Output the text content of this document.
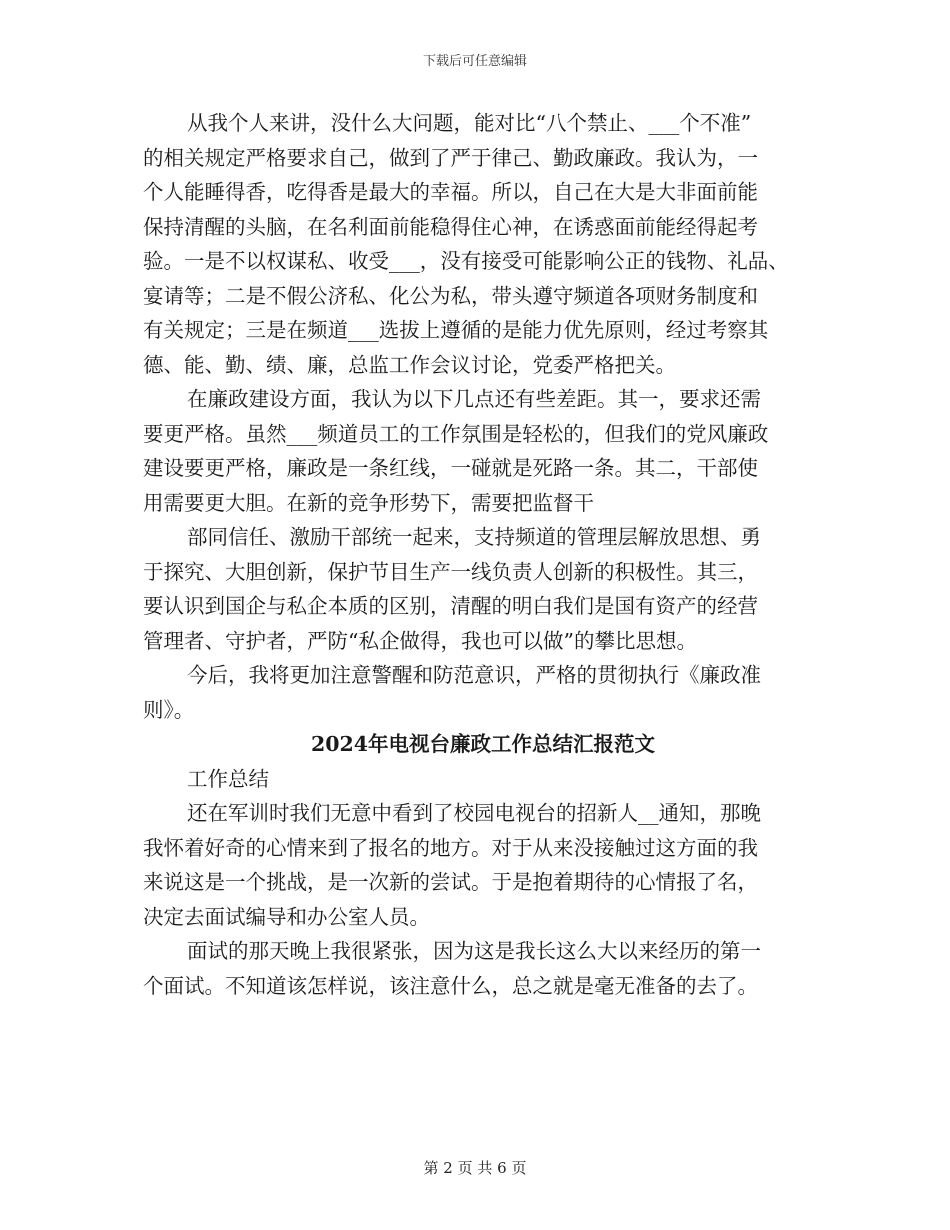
下载后可任意编辑

从我个人来讲，没什么大问题，能对比“八个禁止、___个不准”

的相关规定严格要求自己，做到了严于律己、勤政廉政。我认为，一

个人能睡得香，吃得香是最大的幸福。所以，自己在大是大非面前能

保持清醒的头脑，在名利面前能稳得住心神，在诱惑面前能经得起考

验。一是不以权谋私、收受___，没有接受可能影响公正的钱物、礼品、

宴请等；二是不假公济私、化公为私，带头遵守频道各项财务制度和

有关规定；三是在频道___选拔上遵循的是能力优先原则，经过考察其

德、能、勤、绩、廉，总监工作会议讨论，党委严格把关。

在廉政建设方面，我认为以下几点还有些差距。其一，要求还需

要更严格。虽然___频道员工的工作氛围是轻松的，但我们的党风廉政

建设要更严格，廉政是一条红线，一碰就是死路一条。其二，干部使

用需要更大胆。在新的竞争形势下，需要把监督干

部同信任、激励干部统一起来，支持频道的管理层解放思想、勇

于探究、大胆创新，保护节目生产一线负责人创新的积极性。其三，

要认识到国企与私企本质的区别，清醒的明白我们是国有资产的经营

管理者、守护者，严防“私企做得，我也可以做”的攀比思想。

今后，我将更加注意警醒和防范意识，严格的贯彻执行《廉政准

则》。

2024年电视台廉政工作总结汇报范文

工作总结

还在军训时我们无意中看到了校园电视台的招新人__通知，那晚

我怀着好奇的心情来到了报名的地方。对于从来没接触过这方面的我

来说这是一个挑战，是一次新的尝试。于是抱着期待的心情报了名，

决定去面试编导和办公室人员。

面试的那天晚上我很紧张，因为这是我长这么大以来经历的第一

个面试。不知道该怎样说，该注意什么，总之就是毫无准备的去了。

第 2 页 共 6 页
